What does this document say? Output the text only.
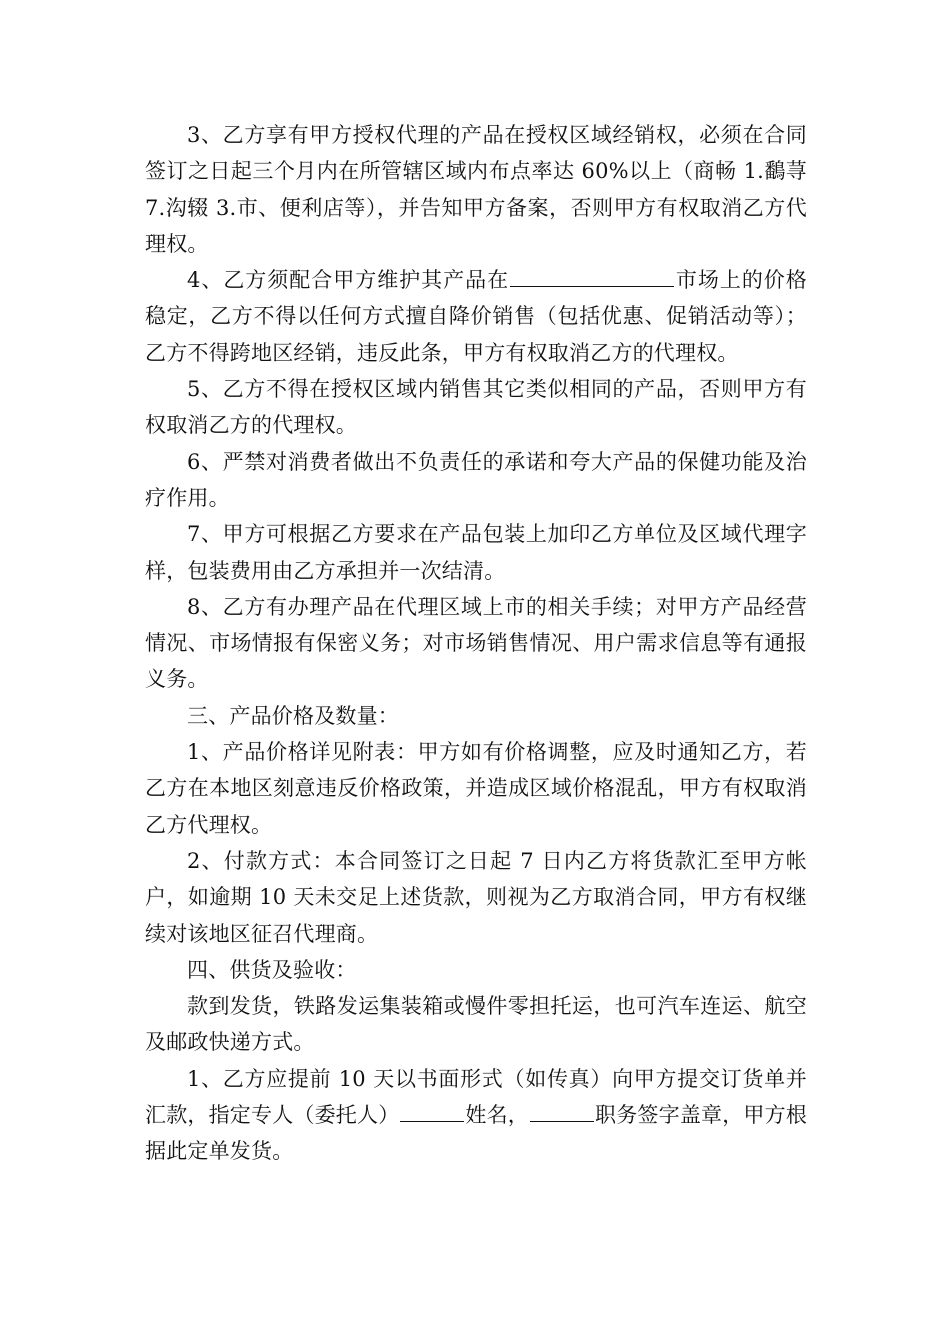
3、乙方享有甲方授权代理的产品在授权区域经销权，必须在合同签订之日起三个月内在所管辖区域内布点率达 60%以上（商畅 1.鷭荨 7.沟辍 3.市、便利店等），并告知甲方备案，否则甲方有权取消乙方代理权。

4、乙方须配合甲方维护其产品在	市场上的价格稳定，乙方不得以任何方式擅自降价销售（包括优惠、促销活动等）；乙方不得跨地区经销，违反此条，甲方有权取消乙方的代理权。

5、乙方不得在授权区域内销售其它类似相同的产品，否则甲方有权取消乙方的代理权。

6、严禁对消费者做出不负责任的承诺和夸大产品的保健功能及治疗作用。

7、甲方可根据乙方要求在产品包装上加印乙方单位及区域代理字样，包装费用由乙方承担并一次结清。

8、乙方有办理产品在代理区域上市的相关手续；对甲方产品经营情况、市场情报有保密义务；对市场销售情况、用户需求信息等有通报义务。

三、产品价格及数量：

1、产品价格详见附表：甲方如有价格调整，应及时通知乙方，若乙方在本地区刻意违反价格政策，并造成区域价格混乱，甲方有权取消乙方代理权。

2、付款方式：本合同签订之日起 7 日内乙方将货款汇至甲方帐户，如逾期 10 天未交足上述货款，则视为乙方取消合同，甲方有权继续对该地区征召代理商。

四、供货及验收：

款到发货，铁路发运集装箱或慢件零担托运，也可汽车连运、航空及邮政快递方式。

1、乙方应提前 10 天以书面形式（如传真）向甲方提交订货单并汇款，指定专人（委托人）	姓名，	职务签字盖章，甲方根据此定单发货。
